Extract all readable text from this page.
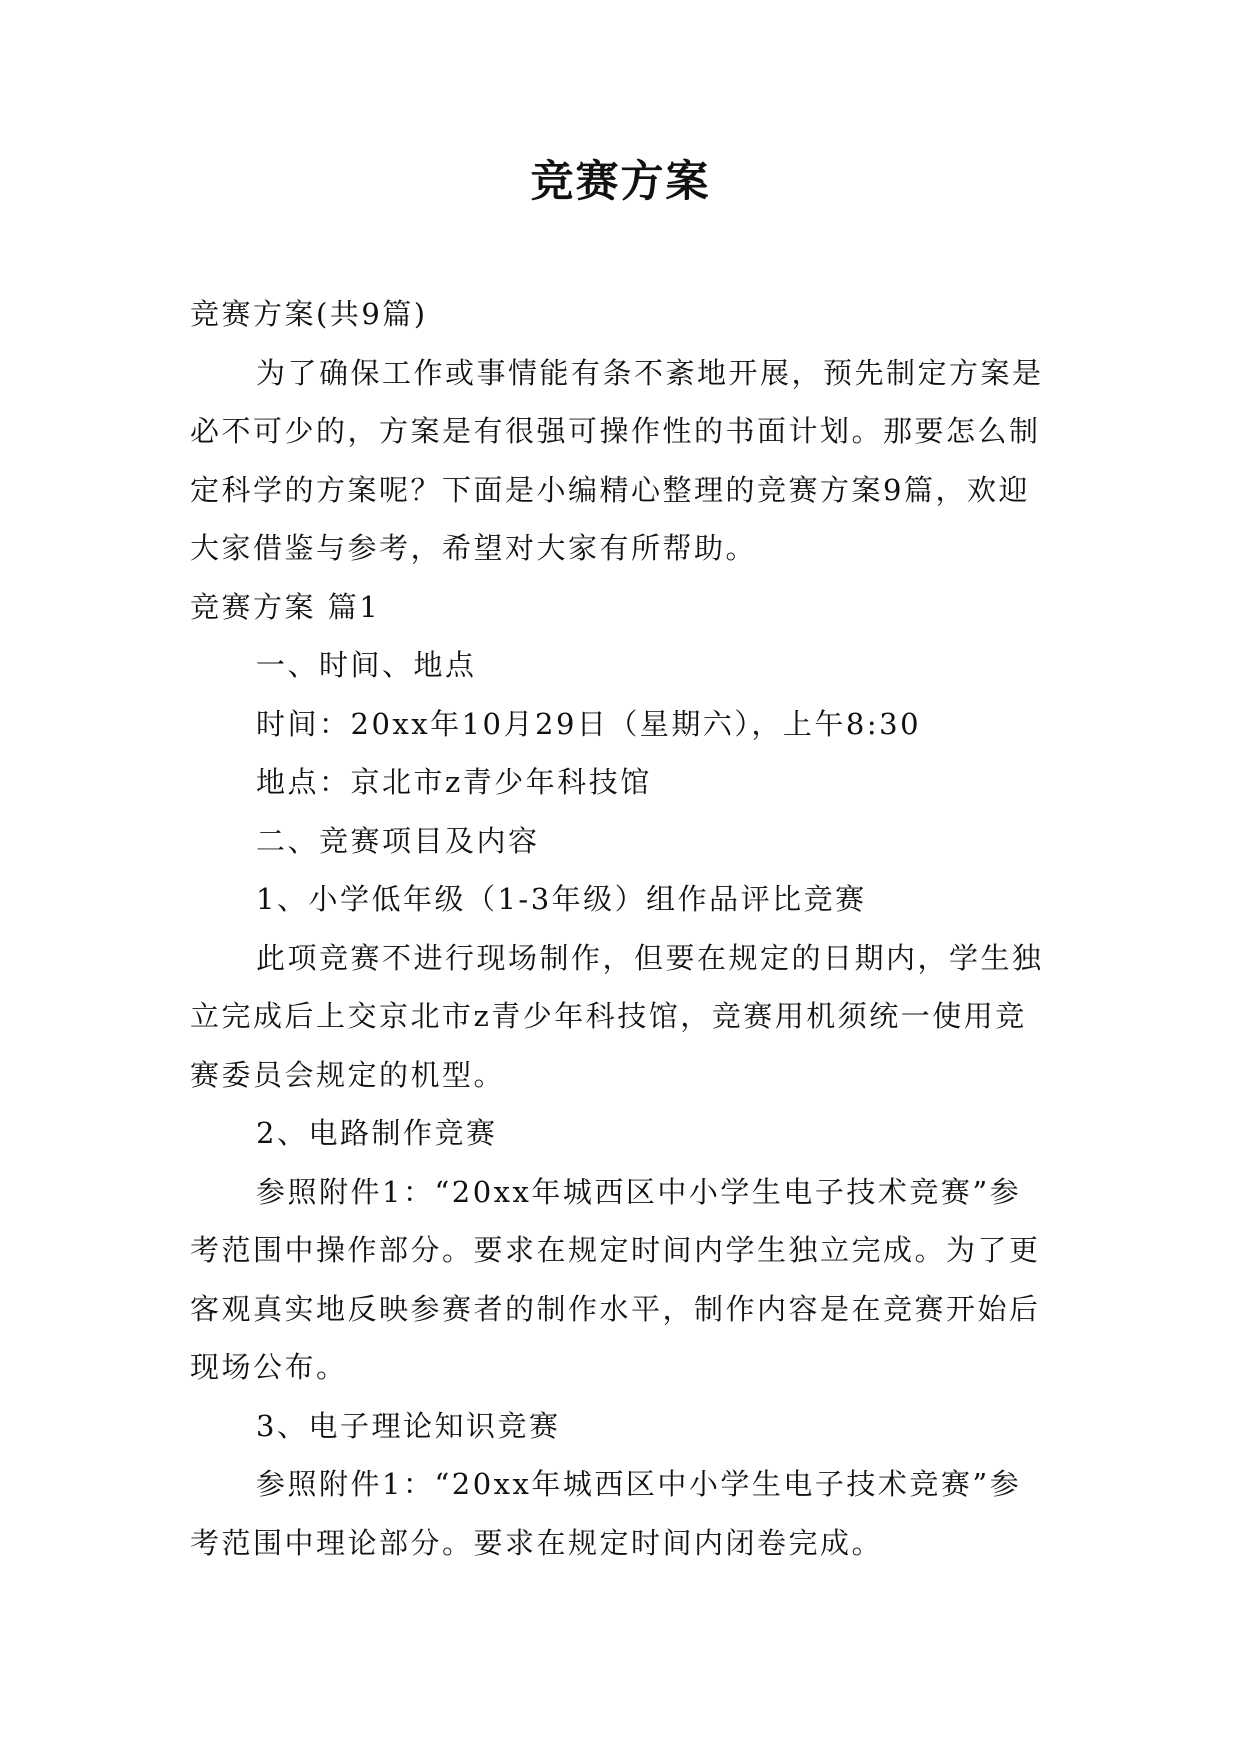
竞赛方案

竞赛方案(共9篇)

为了确保工作或事情能有条不紊地开展，预先制定方案是必不可少的，方案是有很强可操作性的书面计划。那要怎么制定科学的方案呢？下面是小编精心整理的竞赛方案9篇，欢迎大家借鉴与参考，希望对大家有所帮助。

竞赛方案 篇1

一、时间、地点

时间：20xx年10月29日（星期六），上午8:30

地点：京北市z青少年科技馆

二、竞赛项目及内容

1、小学低年级（1-3年级）组作品评比竞赛

此项竞赛不进行现场制作，但要在规定的日期内，学生独立完成后上交京北市z青少年科技馆，竞赛用机须统一使用竞赛委员会规定的机型。

2、电路制作竞赛

参照附件1：“20xx年城西区中小学生电子技术竞赛”参考范围中操作部分。要求在规定时间内学生独立完成。为了更客观真实地反映参赛者的制作水平，制作内容是在竞赛开始后现场公布。

3、电子理论知识竞赛

参照附件1：“20xx年城西区中小学生电子技术竞赛”参考范围中理论部分。要求在规定时间内闭卷完成。
